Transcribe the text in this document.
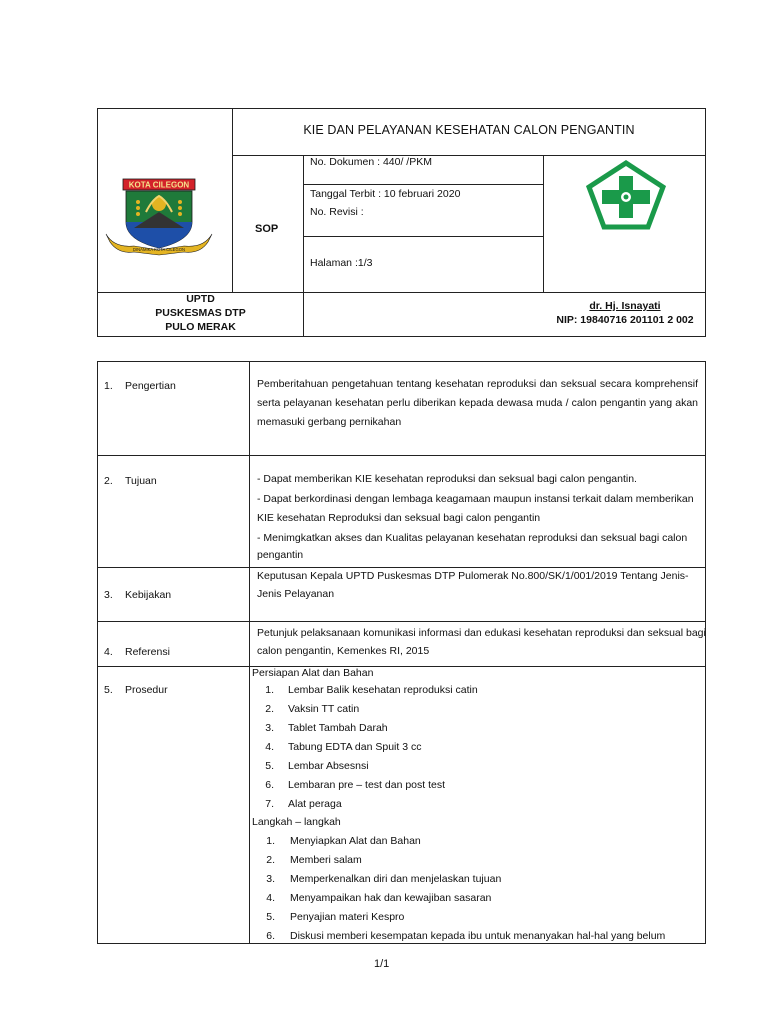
KOTA CILEGON
DINAMIKA KOTA CILEGON
KIE DAN PELAYANAN KESEHATAN CALON PENGANTIN
SOP
No. Dokumen : 440/ /PKM
Tanggal Terbit : 10 februari 2020
No. Revisi :
Halaman :1/3
UPTD
PUSKESMAS DTP
PULO MERAK
dr. Hj. Isnayati
NIP: 19840716 201101 2 002
1. Pengertian	Pemberitahuan pengetahuan tentang kesehatan reproduksi dan seksual secara komprehensif serta pelayanan kesehatan perlu diberikan kepada dewasa muda / calon pengantin yang akan memasuki gerbang pernikahan
2. Tujuan	- Dapat memberikan KIE kesehatan reproduksi dan seksual bagi calon pengantin.
- Dapat berkordinasi dengan lembaga keagamaan maupun instansi terkait dalam memberikan
KIE kesehatan Reproduksi dan seksual bagi calon pengantin
- Menimgkatkan akses dan Kualitas pelayanan kesehatan reproduksi dan seksual bagi calon
pengantin
3. Kebijakan
Keputusan Kepala UPTD Puskesmas DTP Pulomerak No.800/SK/1/001/2019 Tentang Jenis-
Jenis Pelayanan
4. Referensi
Petunjuk pelaksanaan komunikasi informasi dan edukasi kesehatan reproduksi dan seksual bagi
calon pengantin, Kemenkes RI, 2015
5. Prosedur
Persiapan Alat dan Bahan
1. Lembar Balik kesehatan reproduksi catin
2. Vaksin TT catin
3. Tablet Tambah Darah
4. Tabung EDTA dan Spuit 3 cc
5. Lembar Absesnsi
6. Lembaran pre – test dan post test
7. Alat peraga
Langkah – langkah
1. Menyiapkan Alat dan Bahan
2. Memberi salam
3. Memperkenalkan diri dan menjelaskan tujuan
4. Menyampaikan hak dan kewajiban sasaran
5. Penyajian materi Kespro
6. Diskusi memberi kesempatan kepada ibu untuk menanyakan hal-hal yang belum
1/1
